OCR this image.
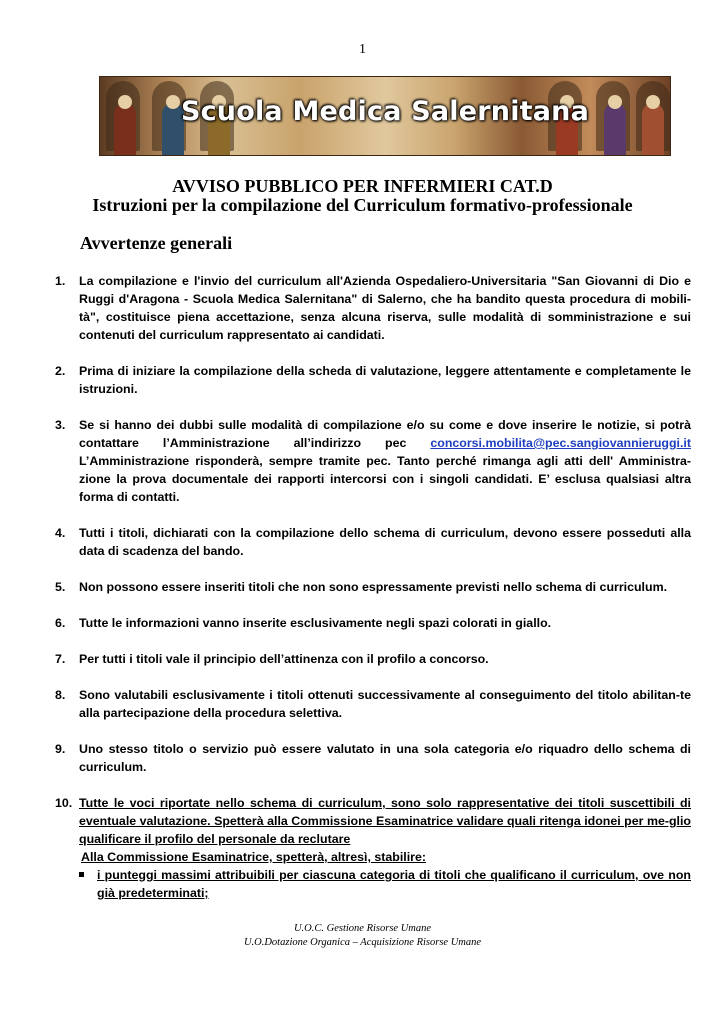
1
Scuola Medica Salernitana
AVVISO PUBBLICO PER INFERMIERI CAT.D
Istruzioni per la compilazione del Curriculum formativo-professionale
Avvertenze generali
1. La compilazione e l'invio del curriculum all'Azienda Ospedaliero-Universitaria "San Giovanni di Dio e Ruggi d'Aragona - Scuola Medica Salernitana" di Salerno, che ha bandito questa procedura di mobili-tà", costituisce piena accettazione, senza alcuna riserva, sulle modalità di somministrazione e sui contenuti del curriculum rappresentato ai candidati.
2. Prima di iniziare la compilazione della scheda di valutazione, leggere attentamente e completamente le istruzioni.
3. Se si hanno dei dubbi sulle modalità di compilazione e/o su come e dove inserire le notizie, si potrà contattare l’Amministrazione all’indirizzo pec concorsi.mobilita@pec.sangiovannieruggi.it L’Amministrazione risponderà, sempre tramite pec. Tanto perché rimanga agli atti dell' Amministra-zione la prova documentale dei rapporti intercorsi con i singoli candidati. E’ esclusa qualsiasi altra forma di contatti.
4. Tutti i titoli, dichiarati con la compilazione dello schema di curriculum, devono essere posseduti alla data di scadenza del bando.
5. Non possono essere inseriti titoli che non sono espressamente previsti nello schema di curriculum.
6. Tutte le informazioni vanno inserite esclusivamente negli spazi colorati in giallo.
7. Per tutti i titoli vale il principio dell’attinenza con il profilo a concorso.
8. Sono valutabili esclusivamente i titoli ottenuti successivamente al conseguimento del titolo abilitan-te alla partecipazione della procedura selettiva.
9. Uno stesso titolo o servizio può essere valutato in una sola categoria e/o riquadro dello schema di curriculum.
10. Tutte le voci riportate nello schema di curriculum, sono solo rappresentative dei titoli suscettibili di eventuale valutazione. Spetterà alla Commissione Esaminatrice validare quali ritenga idonei per me-glio qualificare il profilo del personale da reclutare
Alla Commissione Esaminatrice, spetterà, altresì, stabilire:
i punteggi massimi attribuibili per ciascuna categoria di titoli che qualificano il curriculum, ove non già predeterminati;
U.O.C. Gestione Risorse Umane
U.O.Dotazione Organica – Acquisizione Risorse Umane
